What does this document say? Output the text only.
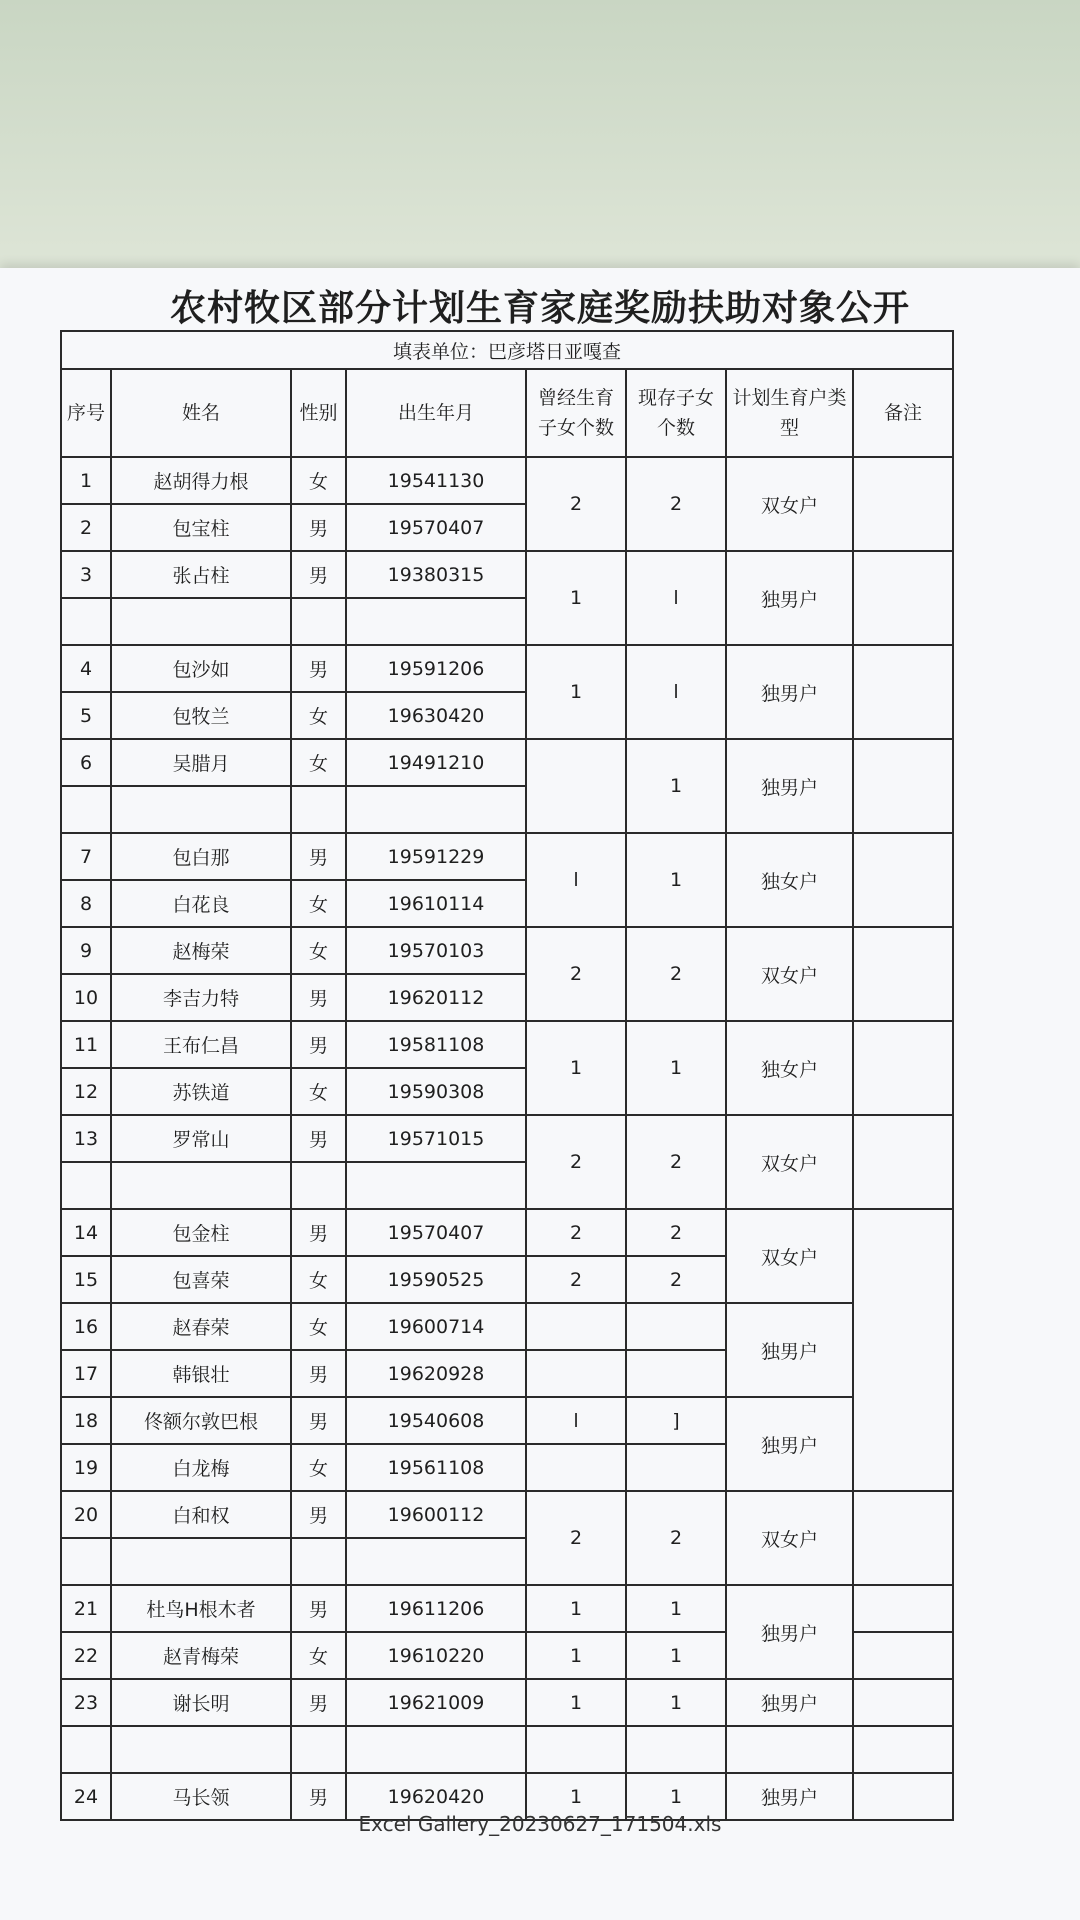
农村牧区部分计划生育家庭奖励扶助对象公开
填表单位：巴彦塔日亚嘎查							
序号	姓名	性别	出生年月	曾经生育子女个数	现存子女个数	计划生育户类型	备注
1	赵胡得力根	女	19541130	2	2	双女户	
2	包宝柱	男	19570407				
3	张占柱	男	19380315	1	l	独男户	

4	包沙如	男	19591206	1	l	独男户	
5	包牧兰	女	19630420				
6	吴腊月	女	19491210		1	独男户	

7	包白那	男	19591229	l	1	独女户	
8	白花良	女	19610114				
9	赵梅荣	女	19570103	2	2	双女户	
10	李吉力特	男	19620112				
11	王布仁昌	男	19581108	1	1	独女户	
12	苏铁道	女	19590308				
13	罗常山	男	19571015	2	2	双女户	

14	包金柱	男	19570407	2	2	双女户	
15	包喜荣	女	19590525	2	2		
16	赵春荣	女	19600714			独男户	
17	韩银壮	男	19620928				
18	佟额尔敦巴根	男	19540608	l	]	独男户	
19	白龙梅	女	19561108				
20	白和权	男	19600112	2	2	双女户	

21	杜鸟H根木者	男	19611206	1	1	独男户	
22	赵青梅荣	女	19610220	1	1		
23	谢长明	男	19621009	1	1	独男户	

24	马长领	男	19620420	1	1	独男户	
Excel Gallery_20230627_171504.xls
